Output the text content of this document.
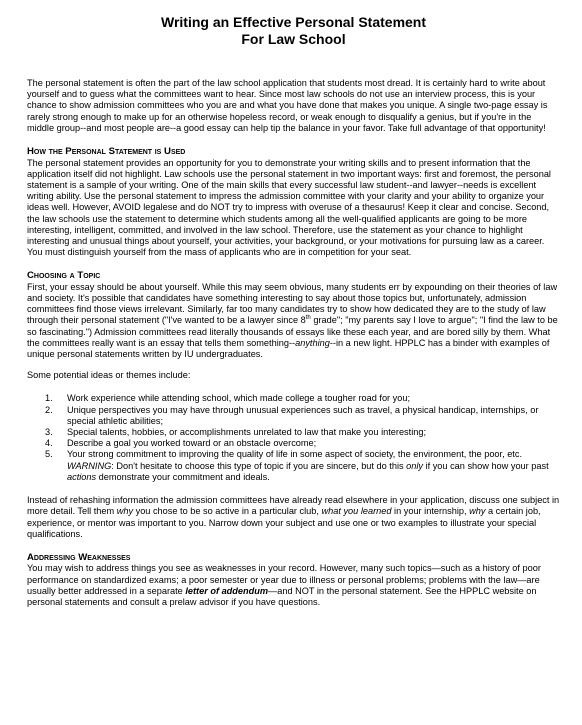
Writing an Effective Personal Statement
For Law School

The personal statement is often the part of the law school application that students most dread. It is certainly hard to write about yourself and to guess what the committees want to hear. Since most law schools do not use an interview process, this is your chance to show admission committees who you are and what you have done that makes you unique. A single two-page essay is rarely strong enough to make up for an otherwise hopeless record, or weak enough to disqualify a genius, but if you're in the middle group--and most people are--a good essay can help tip the balance in your favor. Take full advantage of that opportunity!

How the Personal Statement is Used

The personal statement provides an opportunity for you to demonstrate your writing skills and to present information that the application itself did not highlight. Law schools use the personal statement in two important ways: first and foremost, the personal statement is a sample of your writing. One of the main skills that every successful law student--and lawyer--needs is excellent writing ability. Use the personal statement to impress the admission committee with your clarity and your ability to organize your ideas well. However, AVOID legalese and do NOT try to impress with overuse of a thesaurus! Keep it clear and concise. Second, the law schools use the statement to determine which students among all the well-qualified applicants are going to be more interesting, intelligent, committed, and involved in the law school. Therefore, use the statement as your chance to highlight interesting and unusual things about yourself, your activities, your background, or your motivations for pursuing law as a career. You must distinguish yourself from the mass of applicants who are in competition for your seat.

Choosing a Topic

First, your essay should be about yourself. While this may seem obvious, many students err by expounding on their theories of law and society. It's possible that candidates have something interesting to say about those topics but, unfortunately, admission committees find those views irrelevant. Similarly, far too many candidates try to show how dedicated they are to the study of law through their personal statement ("I've wanted to be a lawyer since 8th grade"; "my parents say I love to argue"; "I find the law to be so fascinating.") Admission committees read literally thousands of essays like these each year, and are bored silly by them. What the committees really want is an essay that tells them something--anything--in a new light. HPPLC has a binder with examples of unique personal statements written by IU undergraduates.

Some potential ideas or themes include:

1. Work experience while attending school, which made college a tougher road for you;
2. Unique perspectives you may have through unusual experiences such as travel, a physical handicap, internships, or special athletic abilities;
3. Special talents, hobbies, or accomplishments unrelated to law that make you interesting;
4. Describe a goal you worked toward or an obstacle overcome;
5. Your strong commitment to improving the quality of life in some aspect of society, the environment, the poor, etc. WARNING: Don't hesitate to choose this type of topic if you are sincere, but do this only if you can show how your past actions demonstrate your commitment and ideals.

Instead of rehashing information the admission committees have already read elsewhere in your application, discuss one subject in more detail. Tell them why you chose to be so active in a particular club, what you learned in your internship, why a certain job, experience, or mentor was important to you. Narrow down your subject and use one or two examples to illustrate your special qualifications.

Addressing Weaknesses

You may wish to address things you see as weaknesses in your record. However, many such topics—such as a history of poor performance on standardized exams; a poor semester or year due to illness or personal problems; problems with the law—are usually better addressed in a separate letter of addendum—and NOT in the personal statement. See the HPPLC website on personal statements and consult a prelaw advisor if you have questions.
